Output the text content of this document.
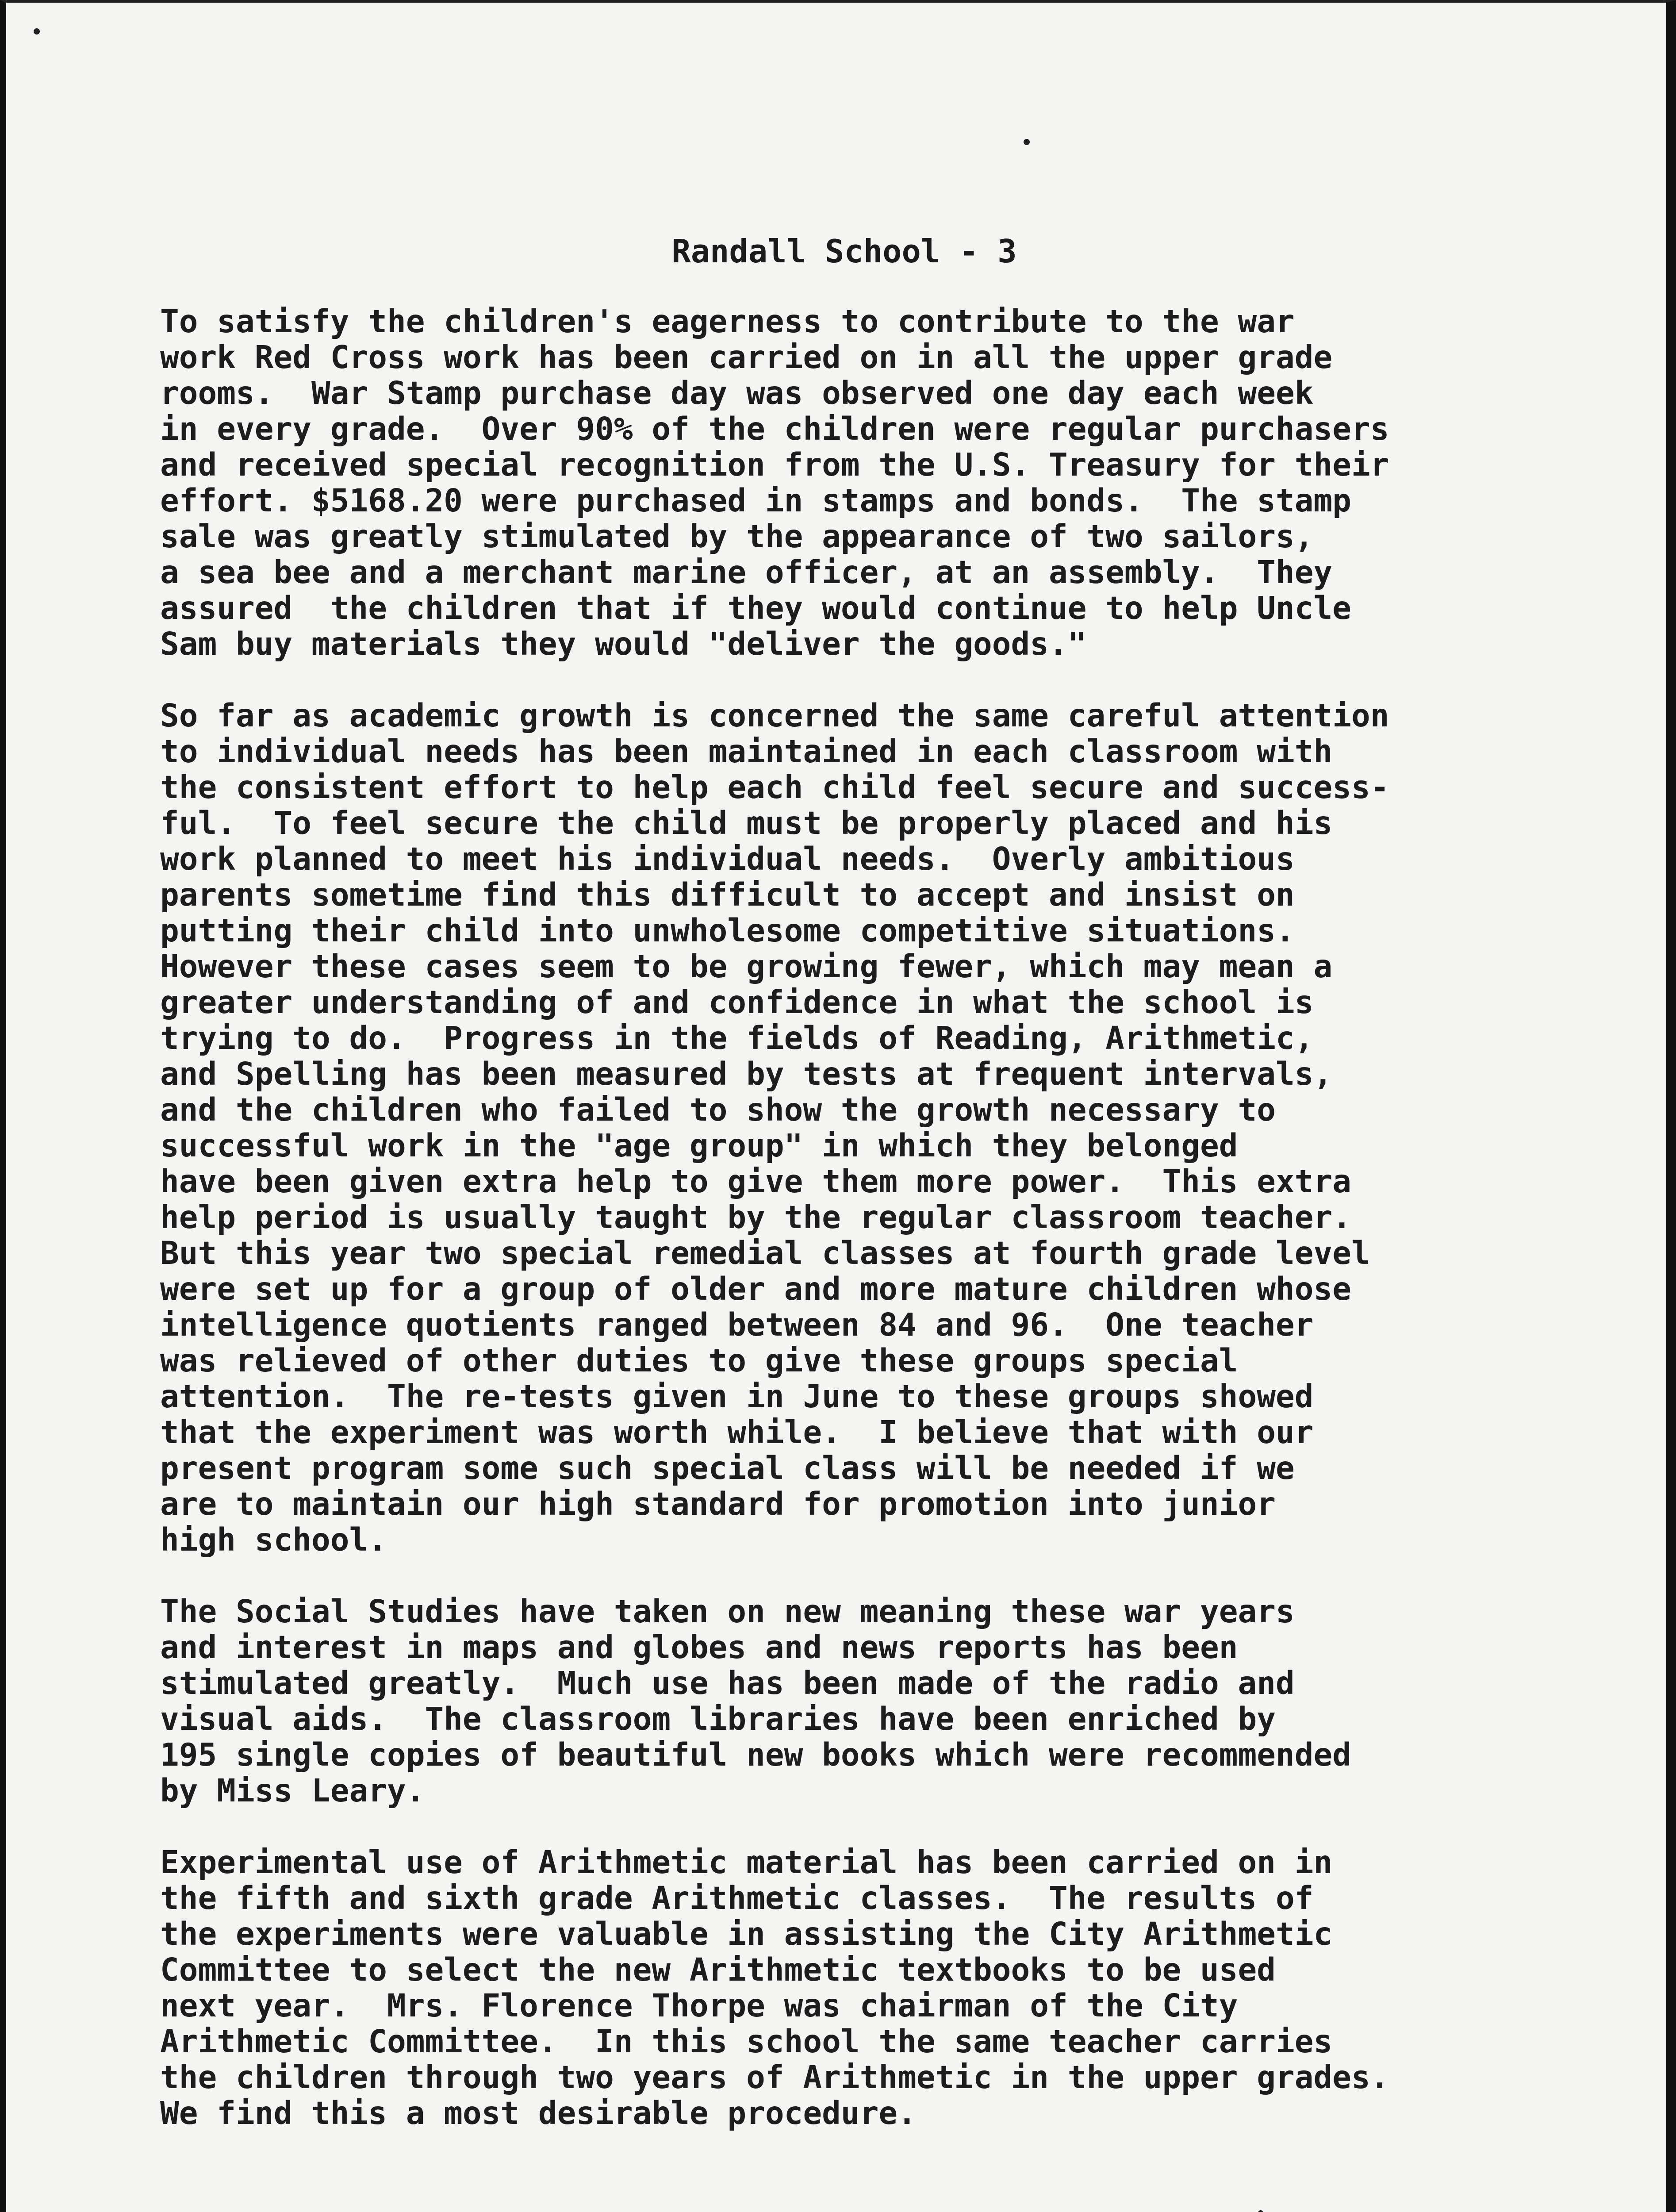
Randall School - 3

To satisfy the children's eagerness to contribute to the war
work Red Cross work has been carried on in all the upper grade
rooms.  War Stamp purchase day was observed one day each week
in every grade.  Over 90% of the children were regular purchasers
and received special recognition from the U.S. Treasury for their
effort. $5168.20 were purchased in stamps and bonds.  The stamp
sale was greatly stimulated by the appearance of two sailors,
a sea bee and a merchant marine officer, at an assembly.  They
assured  the children that if they would continue to help Uncle
Sam buy materials they would "deliver the goods."

So far as academic growth is concerned the same careful attention
to individual needs has been maintained in each classroom with
the consistent effort to help each child feel secure and success-
ful.  To feel secure the child must be properly placed and his
work planned to meet his individual needs.  Overly ambitious
parents sometime find this difficult to accept and insist on
putting their child into unwholesome competitive situations.
However these cases seem to be growing fewer, which may mean a
greater understanding of and confidence in what the school is
trying to do.  Progress in the fields of Reading, Arithmetic,
and Spelling has been measured by tests at frequent intervals,
and the children who failed to show the growth necessary to
successful work in the "age group" in which they belonged
have been given extra help to give them more power.  This extra
help period is usually taught by the regular classroom teacher.
But this year two special remedial classes at fourth grade level
were set up for a group of older and more mature children whose
intelligence quotients ranged between 84 and 96.  One teacher
was relieved of other duties to give these groups special
attention.  The re-tests given in June to these groups showed
that the experiment was worth while.  I believe that with our
present program some such special class will be needed if we
are to maintain our high standard for promotion into junior
high school.

The Social Studies have taken on new meaning these war years
and interest in maps and globes and news reports has been
stimulated greatly.  Much use has been made of the radio and
visual aids.  The classroom libraries have been enriched by
195 single copies of beautiful new books which were recommended
by Miss Leary.

Experimental use of Arithmetic material has been carried on in
the fifth and sixth grade Arithmetic classes.  The results of
the experiments were valuable in assisting the City Arithmetic
Committee to select the new Arithmetic textbooks to be used
next year.  Mrs. Florence Thorpe was chairman of the City
Arithmetic Committee.  In this school the same teacher carries
the children through two years of Arithmetic in the upper grades.
We find this a most desirable procedure.
